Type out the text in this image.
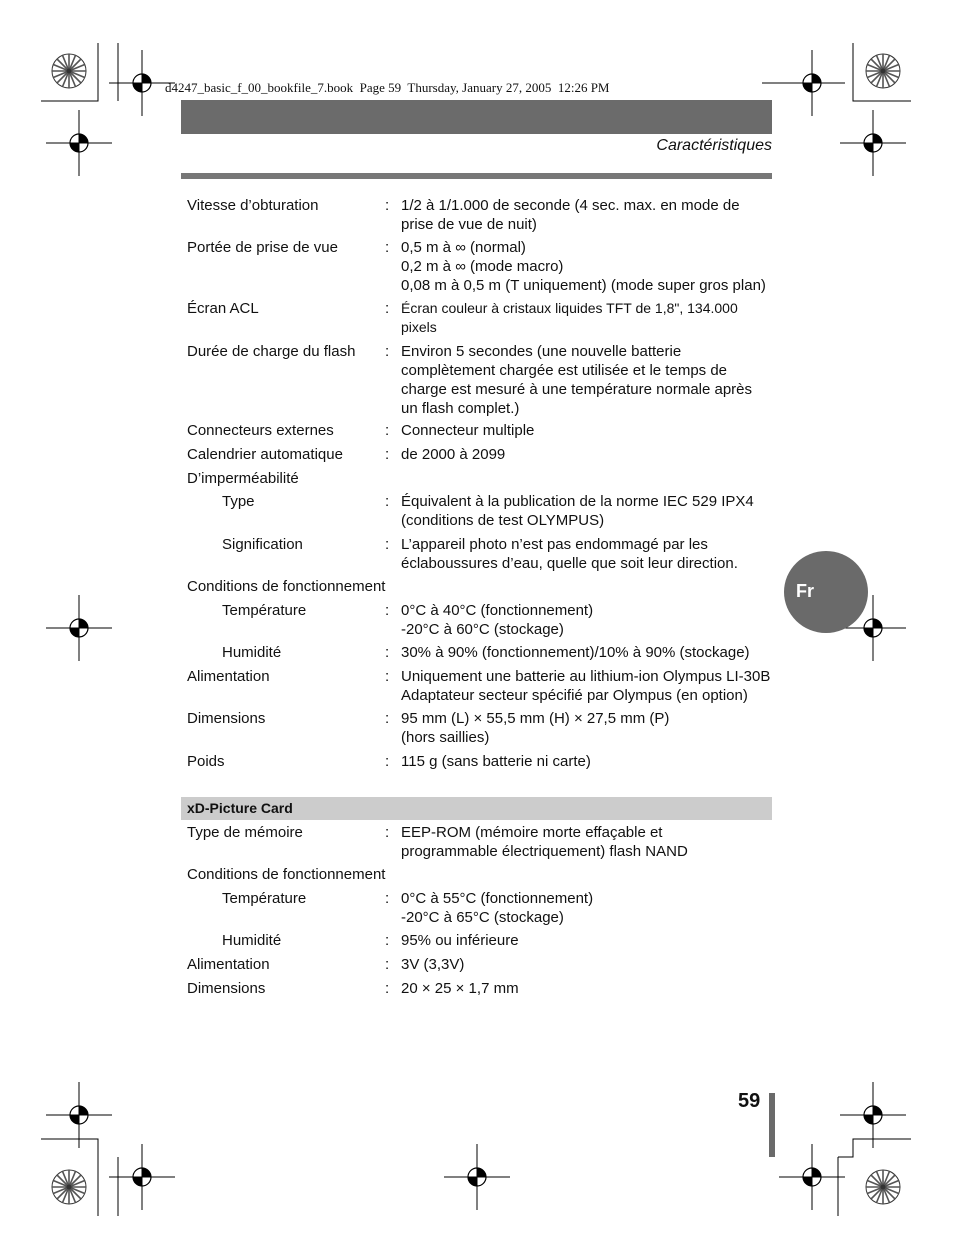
d4247_basic_f_00_bookfile_7.book  Page 59  Thursday, January 27, 2005  12:26 PM
Caractéristiques
Vitesse d’obturation	: 1/2 à 1/1.000 de seconde (4 sec. max. en mode de
prise de vue de nuit)
Portée de prise de vue	: 0,5 m à ∞ (normal)
0,2 m à ∞ (mode macro)
0,08 m à 0,5 m (T uniquement) (mode super gros plan)
Écran ACL	: Écran couleur à cristaux liquides TFT de 1,8", 134.000
pixels
Durée de charge du flash : Environ 5 secondes (une nouvelle batterie
complètement chargée est utilisée et le temps de
charge est mesuré à une température normale après
un flash complet.)
Connecteurs externes	: Connecteur multiple
Calendrier automatique	: de 2000 à 2099
D’imperméabilité
Type	: Équivalent à la publication de la norme IEC 529 IPX4
(conditions de test OLYMPUS)
Signification	: L’appareil photo n’est pas endommagé par les
éclaboussures d’eau, quelle que soit leur direction.
Conditions de fonctionnement
Température	: 0°C à 40°C (fonctionnement)
-20°C à 60°C (stockage)
Humidité	: 30% à 90% (fonctionnement)/10% à 90% (stockage)
Alimentation	: Uniquement une batterie au lithium-ion Olympus LI-30B
Adaptateur secteur spécifié par Olympus (en option)
Dimensions	: 95 mm (L) × 55,5 mm (H) × 27,5 mm (P)
(hors saillies)
Poids	: 115 g (sans batterie ni carte)
xD-Picture Card
Type de mémoire	: EEP-ROM (mémoire morte effaçable et
programmable électriquement) flash NAND
Conditions de fonctionnement
Température	: 0°C à 55°C (fonctionnement)
-20°C à 65°C (stockage)
Humidité	: 95% ou inférieure
Alimentation	: 3V (3,3V)
Dimensions	: 20 × 25 × 1,7 mm
Fr
59
